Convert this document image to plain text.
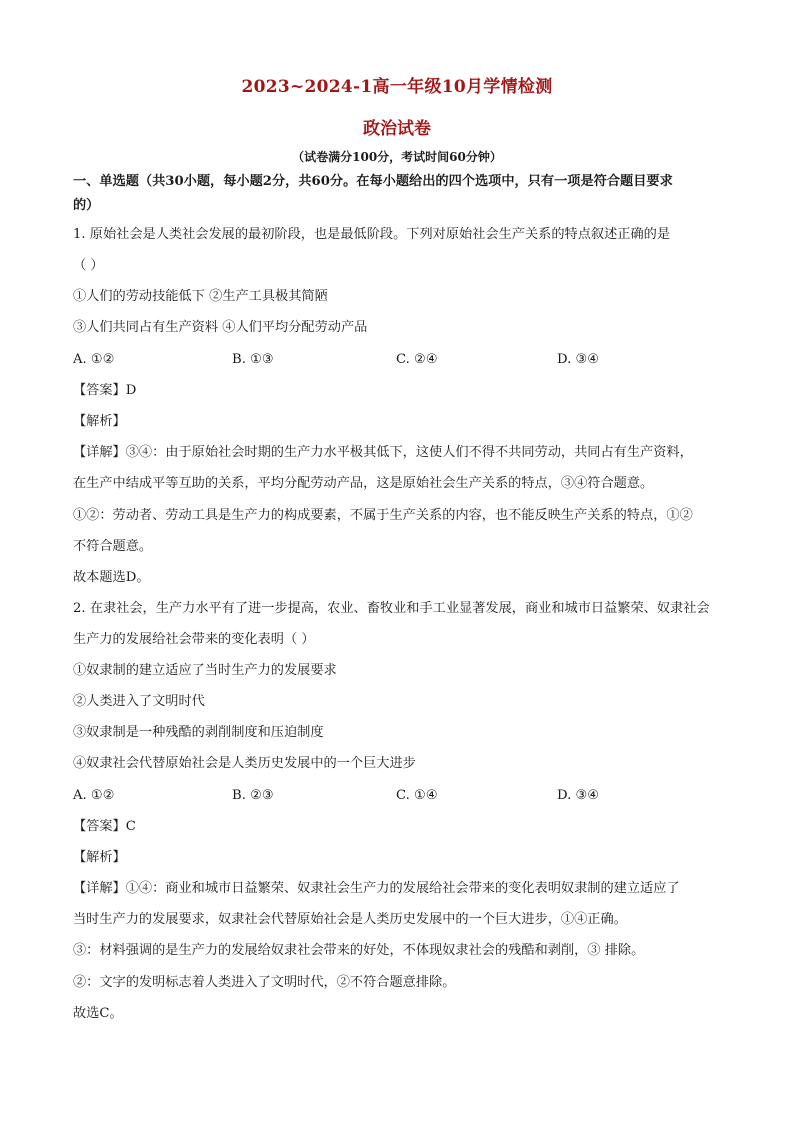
2023~2024-1高一年级10月学情检测
政治试卷
（试卷满分100分，考试时间60分钟）
一、单选题（共30小题，每小题2分，共60分。在每小题给出的四个选项中，只有一项是符合题目要求
的）
1. 原始社会是人类社会发展的最初阶段，也是最低阶段。下列对原始社会生产关系的特点叙述正确的是
（ ）
①人们的劳动技能低下 ②生产工具极其简陋
③人们共同占有生产资料 ④人们平均分配劳动产品
A. ①②	B. ①③	C. ②④	D. ③④
【答案】D
【解析】
【详解】③④：由于原始社会时期的生产力水平极其低下，这使人们不得不共同劳动，共同占有生产资料，
在生产中结成平等互助的关系，平均分配劳动产品，这是原始社会生产关系的特点，③④符合题意。
①②：劳动者、劳动工具是生产力的构成要素，不属于生产关系的内容，也不能反映生产关系的特点，①②
不符合题意。
故本题选D。
2. 在隶社会，生产力水平有了进一步提高，农业、畜牧业和手工业显著发展，商业和城市日益繁荣、奴隶社会
生产力的发展给社会带来的变化表明（ ）
①奴隶制的建立适应了当时生产力的发展要求
②人类进入了文明时代
③奴隶制是一种残酷的剥削制度和压迫制度
④奴隶社会代替原始社会是人类历史发展中的一个巨大进步
A. ①②	B. ②③	C. ①④	D. ③④
【答案】C
【解析】
【详解】①④：商业和城市日益繁荣、奴隶社会生产力的发展给社会带来的变化表明奴隶制的建立适应了
当时生产力的发展要求，奴隶社会代替原始社会是人类历史发展中的一个巨大进步，①④正确。
③：材料强调的是生产力的发展给奴隶社会带来的好处，不体现奴隶社会的残酷和剥削，③ 排除。
②：文字的发明标志着人类进入了文明时代，②不符合题意排除。
故选C。
